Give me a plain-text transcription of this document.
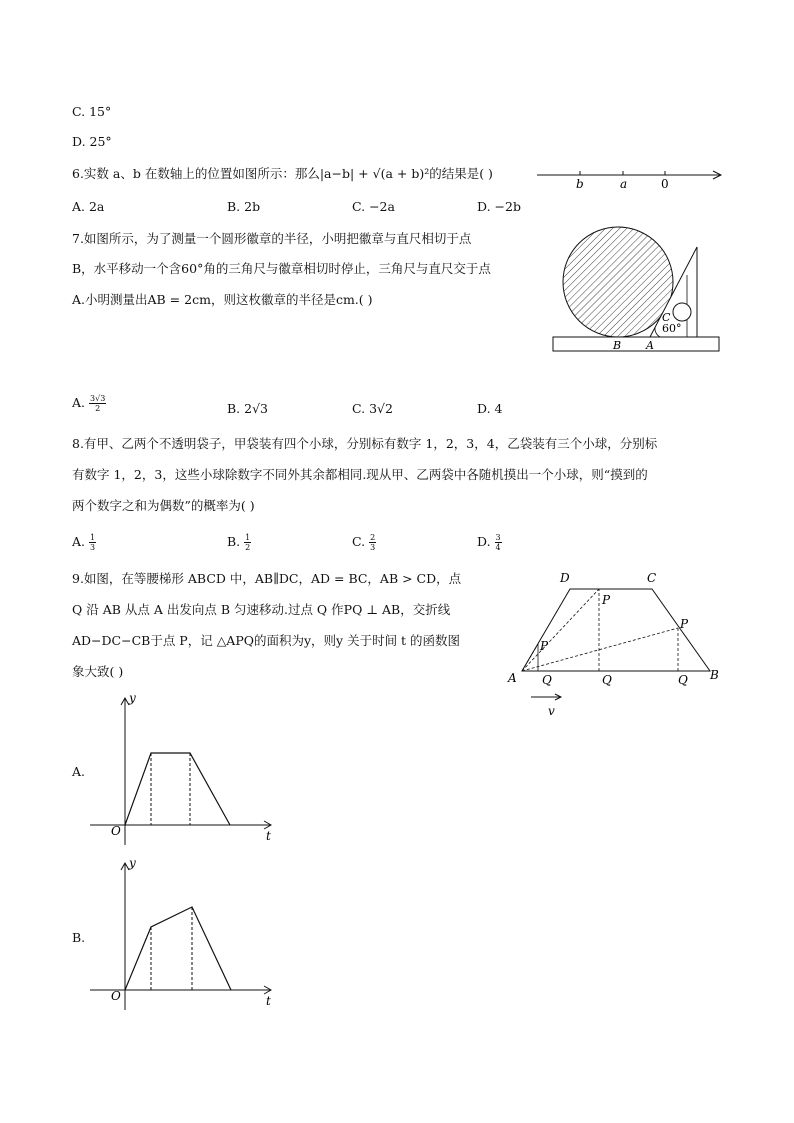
C. 15°
D. 25°
6.实数 a、b 在数轴上的位置如图所示：那么|a−b| + √(a + b)²的结果是( )
b	a	0
A. 2a	B. 2b	C. −2a	D. −2b
7.如图所示，为了测量一个圆形徽章的半径，小明把徽章与直尺相切于点
B，水平移动一个含60°角的三角尺与徽章相切时停止，三角尺与直尺交于点
A.小明测量出AB = 2cm，则这枚徽章的半径是cm.( )
C
60°
B A
A. $\frac{3√3}{2}$	B. 2√3	C. 3√2	D. 4
8.有甲、乙两个不透明袋子，甲袋装有四个小球，分别标有数字 1，2，3，4，乙袋装有三个小球，分别标
有数字 1，2，3，这些小球除数字不同外其余都相同.现从甲、乙两袋中各随机摸出一个小球，则“摸到的
两个数字之和为偶数”的概率为( )
A. $\frac{1}{3}$	B. $\frac{1}{2}$	C. $\frac{2}{3}$	D. $\frac{3}{4}$
9.如图，在等腰梯形 ABCD 中，AB∥DC，AD = BC，AB > CD，点
Q 沿 AB 从点 A 出发向点 B 匀速移动.过点 Q 作PQ ⊥ AB，交折线
AD−DC−CB于点 P，记 △APQ的面积为y，则y 关于时间 t 的函数图
象大致( )
D	C
P
P
P
A	B
Q	Q	Q
v
A.
y
t
O
B.
y
t
O
